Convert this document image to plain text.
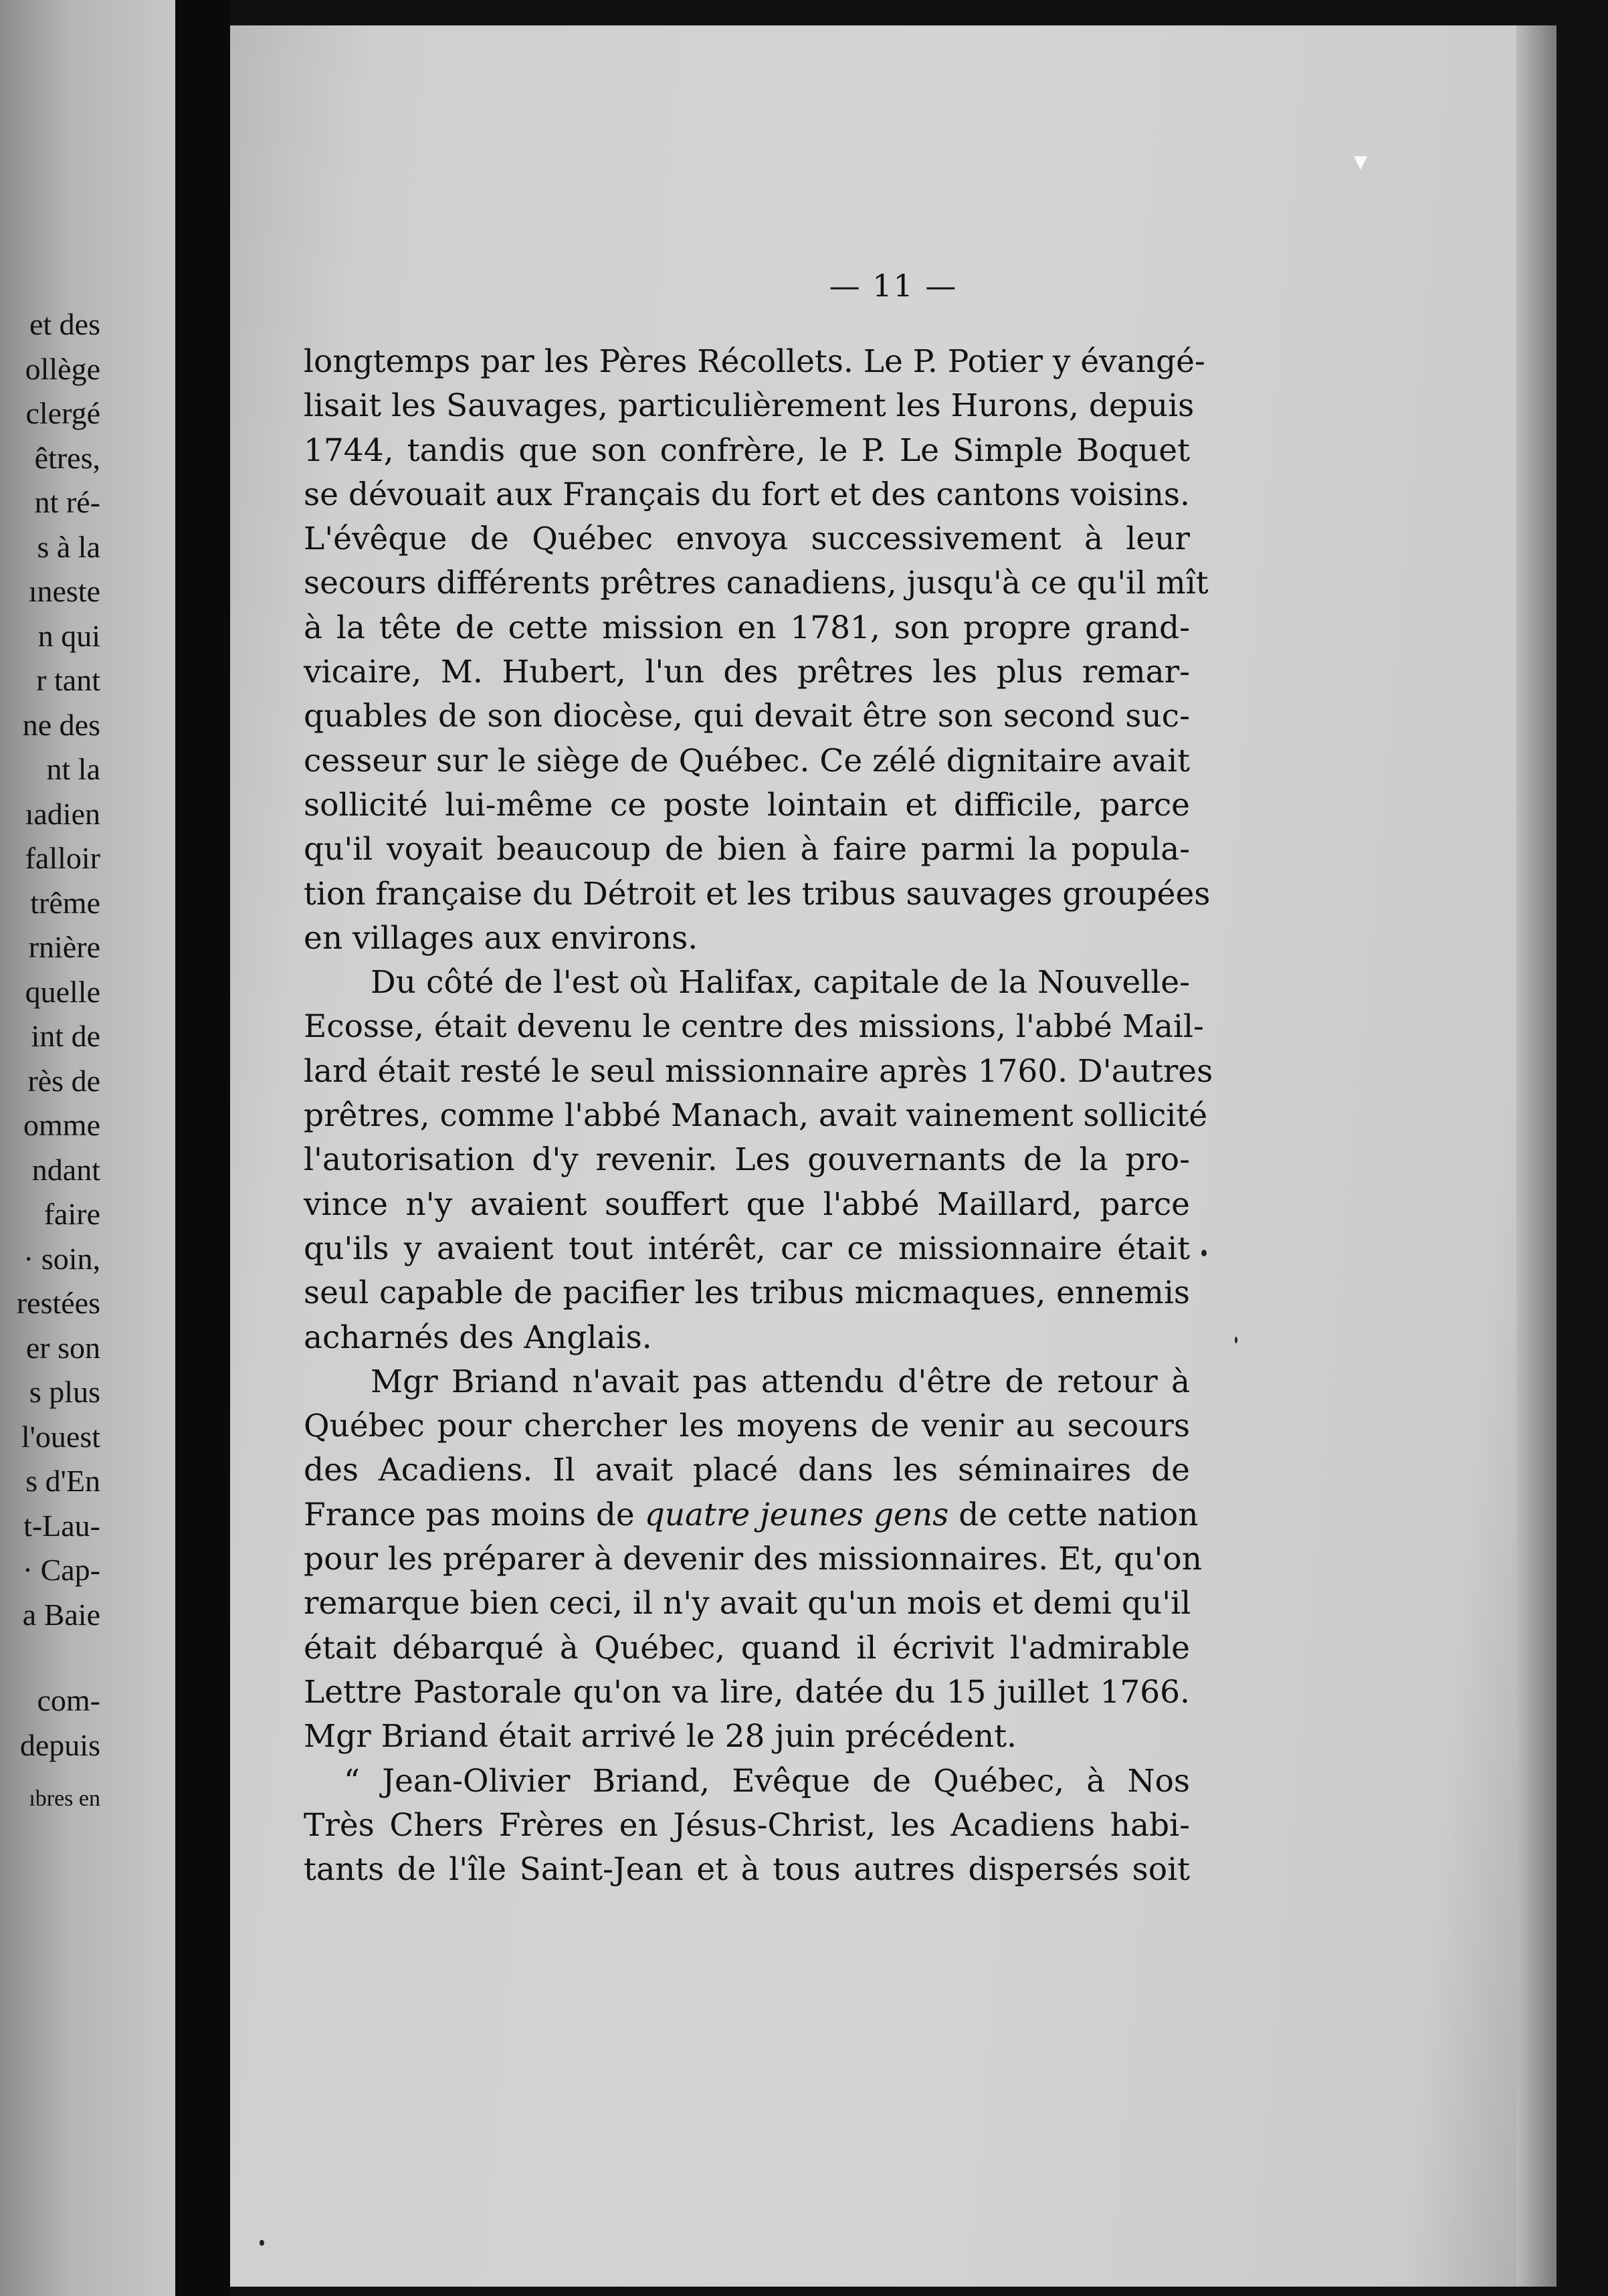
et des
ollège
clergé
êtres,
nt ré-
s à la
ıneste
n qui
r tant
ne des
nt la
ıadien
falloir
trême
rnière
quelle
int de
rès de
omme
ndant
faire
· soin,
restées
er son
s plus
l'ouest
s d'En
t-Lau-
· Cap-
a Baie
com-
depuis
ıbres en
▾
— 11 —
longtemps par les Pères Récollets. Le P. Potier y évangé-
lisait les Sauvages, particulièrement les Hurons, depuis
1744, tandis que son confrère, le P. Le Simple Boquet
se dévouait aux Français du fort et des cantons voisins.
L'évêque de Québec envoya successivement à leur
secours différents prêtres canadiens, jusqu'à ce qu'il mît
à la tête de cette mission en 1781, son propre grand-
vicaire, M. Hubert, l'un des prêtres les plus remar-
quables de son diocèse, qui devait être son second suc-
cesseur sur le siège de Québec. Ce zélé dignitaire avait
sollicité lui-même ce poste lointain et difficile, parce
qu'il voyait beaucoup de bien à faire parmi la popula-
tion française du Détroit et les tribus sauvages groupées
en villages aux environs.
Du côté de l'est où Halifax, capitale de la Nouvelle-
Ecosse, était devenu le centre des missions, l'abbé Mail-
lard était resté le seul missionnaire après 1760. D'autres
prêtres, comme l'abbé Manach, avait vainement sollicité
l'autorisation d'y revenir. Les gouvernants de la pro-
vince n'y avaient souffert que l'abbé Maillard, parce
qu'ils y avaient tout intérêt, car ce missionnaire était
seul capable de pacifier les tribus micmaques, ennemis
acharnés des Anglais.
Mgr Briand n'avait pas attendu d'être de retour à
Québec pour chercher les moyens de venir au secours
des Acadiens. Il avait placé dans les séminaires de
France pas moins de quatre jeunes gens de cette nation
pour les préparer à devenir des missionnaires. Et, qu'on
remarque bien ceci, il n'y avait qu'un mois et demi qu'il
était débarqué à Québec, quand il écrivit l'admirable
Lettre Pastorale qu'on va lire, datée du 15 juillet 1766.
Mgr Briand était arrivé le 28 juin précédent.
“ Jean-Olivier Briand, Evêque de Québec, à Nos
Très Chers Frères en Jésus-Christ, les Acadiens habi-
tants de l'île Saint-Jean et à tous autres dispersés soit
